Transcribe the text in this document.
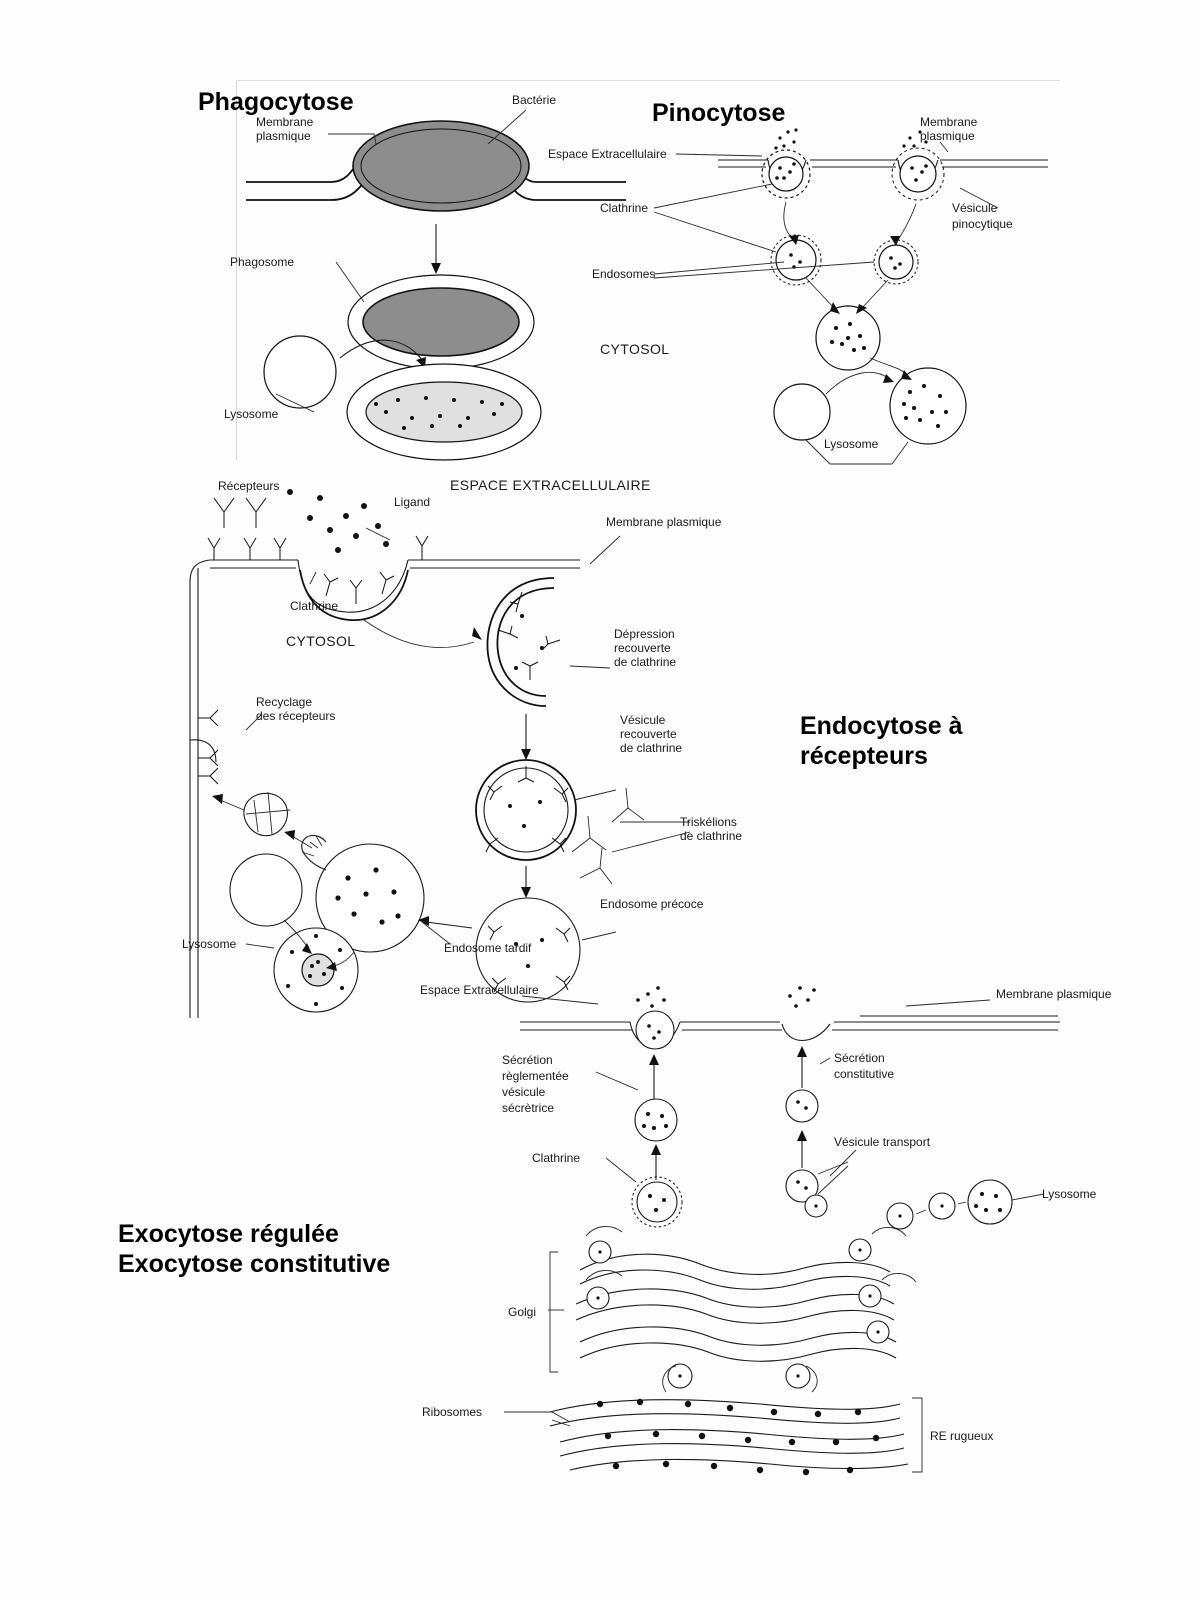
Phagocytose	Pinocytose
Endocytose à
récepteurs
Exocytose régulée
Exocytose constitutive
Bactérie
Membrane
plasmique
Phagosome
Lysosome
Espace Extracellulaire
Membrane
plasmique
Clathrine	Vésicule
pinocytique
Endosomes
CYTOSOL
Lysosome
ESPACE EXTRACELLULAIRE
Récepteurs
Ligand
Membrane plasmique
Clathrine
CYTOSOL	Dépression
recouverte
de clathrine
Vésicule
recouverte
de clathrine
Recyclage
des récepteurs
Triskélions
de clathrine
Endosome précoce
Endosome tardif
Lysosome
Espace Extracellulaire	Membrane plasmique
Sécrétion
règlementée
vésicule
sécrètrice
Sécrétion
constitutive
Vésicule transport
Clathrine
Lysosome
Golgi
Ribosomes
RE rugueux
